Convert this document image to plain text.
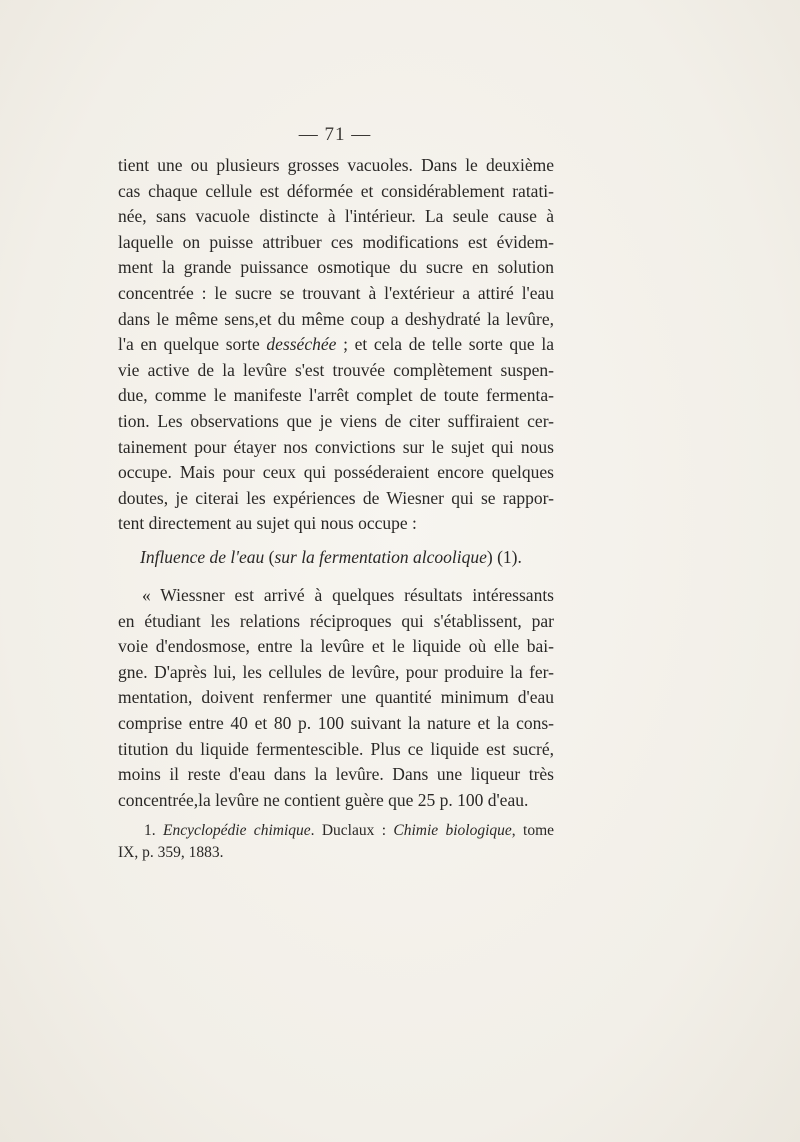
— 71 —
tient une ou plusieurs grosses vacuoles. Dans le deuxième
cas chaque cellule est déformée et considérablement ratati-
née, sans vacuole distincte à l'intérieur. La seule cause à
laquelle on puisse attribuer ces modifications est évidem-
ment la grande puissance osmotique du sucre en solution
concentrée : le sucre se trouvant à l'extérieur a attiré l'eau
dans le même sens,et du même coup a deshydraté la levûre,
l'a en quelque sorte desséchée ; et cela de telle sorte que la
vie active de la levûre s'est trouvée complètement suspen-
due, comme le manifeste l'arrêt complet de toute fermenta-
tion. Les observations que je viens de citer suffiraient cer-
tainement pour étayer nos convictions sur le sujet qui nous
occupe. Mais pour ceux qui posséderaient encore quelques
doutes, je citerai les expériences de Wiesner qui se rappor-
tent directement au sujet qui nous occupe :
Influence de l'eau (sur la fermentation alcoolique) (1).
« Wiessner est arrivé à quelques résultats intéressants
en étudiant les relations réciproques qui s'établissent, par
voie d'endosmose, entre la levûre et le liquide où elle bai-
gne. D'après lui, les cellules de levûre, pour produire la fer-
mentation, doivent renfermer une quantité minimum d'eau
comprise entre 40 et 80 p. 100 suivant la nature et la cons-
titution du liquide fermentescible. Plus ce liquide est sucré,
moins il reste d'eau dans la levûre. Dans une liqueur très
concentrée,la levûre ne contient guère que 25 p. 100 d'eau.
1. Encyclopédie chimique. Duclaux : Chimie biologique, tome
IX, p. 359, 1883.
